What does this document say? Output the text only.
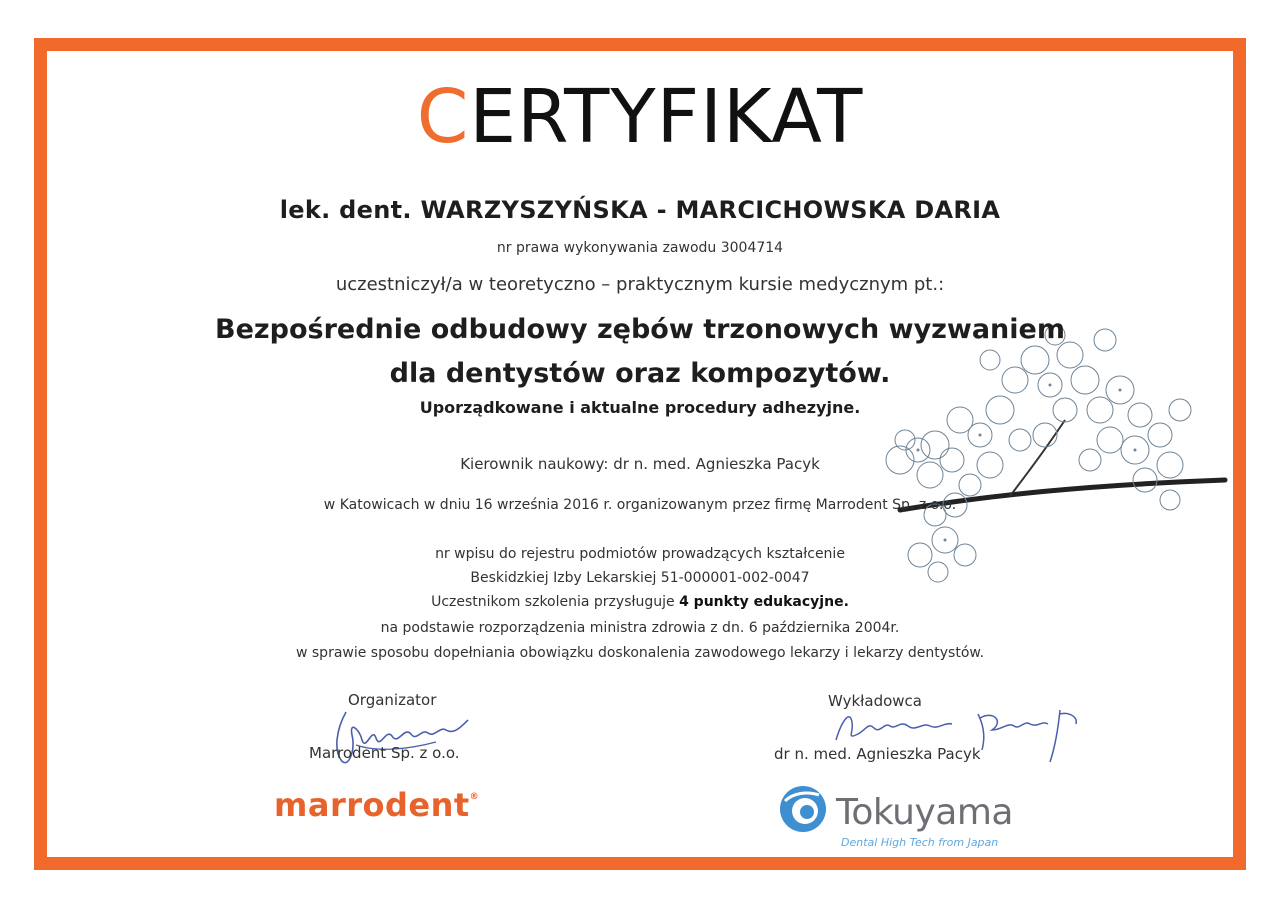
CERTYFIKAT
lek. dent. WARZYSZYŃSKA - MARCICHOWSKA DARIA
nr prawa wykonywania zawodu 3004714
uczestniczył/a w teoretyczno – praktycznym kursie medycznym pt.:
Bezpośrednie odbudowy zębów trzonowych wyzwaniem
dla dentystów oraz kompozytów.
Uporządkowane i aktualne procedury adhezyjne.
Kierownik naukowy: dr n. med. Agnieszka Pacyk
w Katowicach w dniu 16 września 2016 r. organizowanym przez firmę Marrodent Sp. z o.o.
nr wpisu do rejestru podmiotów prowadzących kształcenie
Beskidzkiej Izby Lekarskiej 51-000001-002-0047
Uczestnikom szkolenia przysługuje 4 punkty edukacyjne.
na podstawie rozporządzenia ministra zdrowia z dn. 6 października 2004r.
w sprawie sposobu dopełniania obowiązku doskonalenia zawodowego lekarzy i lekarzy dentystów.
Organizator
Marrodent Sp. z o.o.
Wykładowca
dr n. med. Agnieszka Pacyk
marrodent®	Tokuyama
Dental High Tech from Japan
